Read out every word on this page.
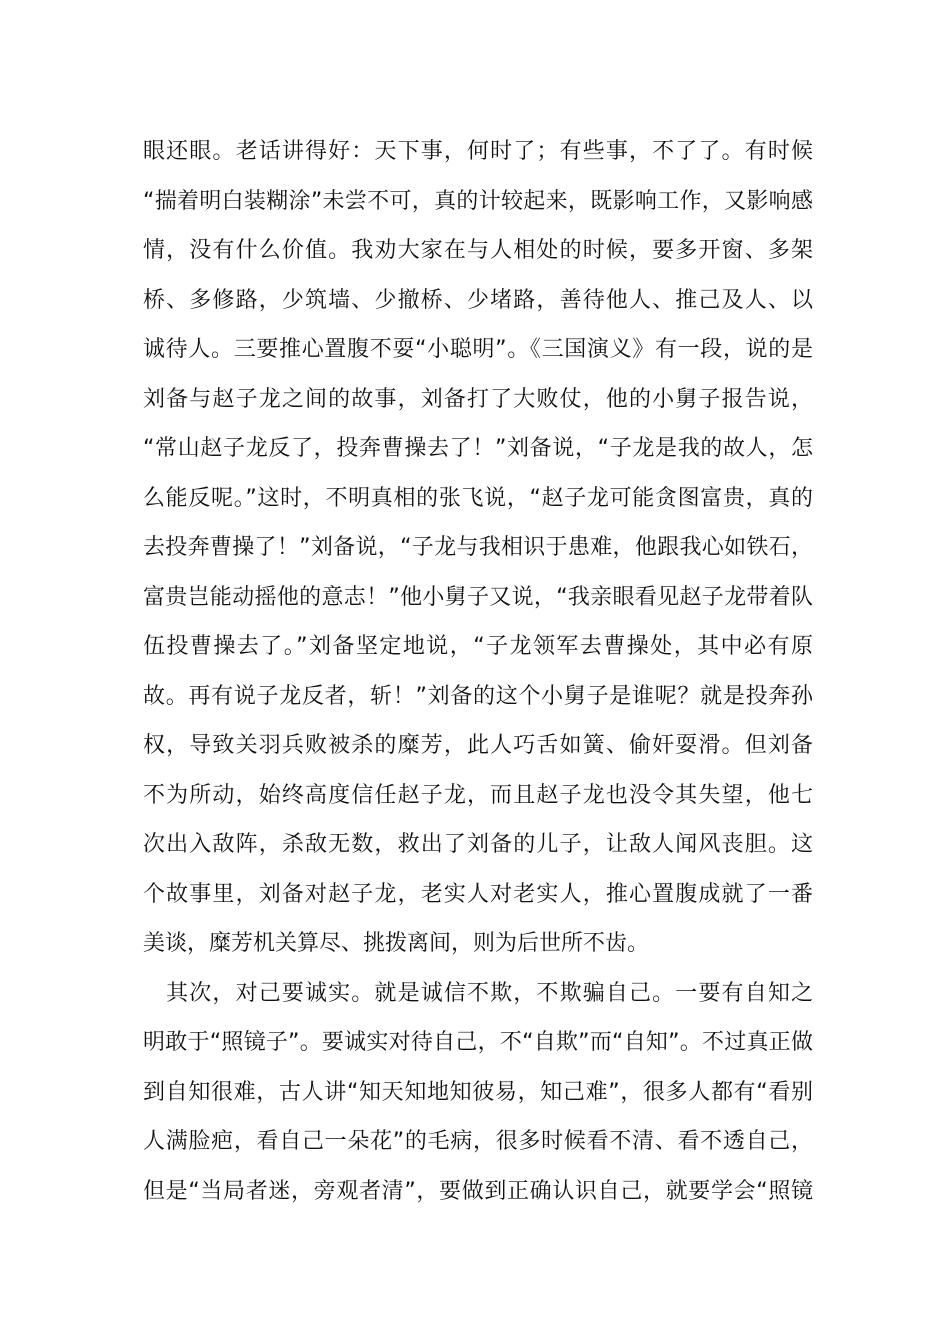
眼还眼。老话讲得好：天下事，何时了；有些事，不了了。有时候
“揣着明白装糊涂”未尝不可，真的计较起来，既影响工作，又影响感
情，没有什么价值。我劝大家在与人相处的时候，要多开窗、多架
桥、多修路，少筑墙、少撤桥、少堵路，善待他人、推己及人、以
诚待人。三要推心置腹不耍“小聪明”。《三国演义》有一段，说的是
刘备与赵子龙之间的故事，刘备打了大败仗，他的小舅子报告说，
“常山赵子龙反了，投奔曹操去了！”刘备说，“子龙是我的故人，怎
么能反呢。”这时，不明真相的张飞说，“赵子龙可能贪图富贵，真的
去投奔曹操了！”刘备说，“子龙与我相识于患难，他跟我心如铁石，
富贵岂能动摇他的意志！”他小舅子又说，“我亲眼看见赵子龙带着队
伍投曹操去了。”刘备坚定地说，“子龙领军去曹操处，其中必有原
故。再有说子龙反者，斩！”刘备的这个小舅子是谁呢？就是投奔孙
权，导致关羽兵败被杀的糜芳，此人巧舌如簧、偷奸耍滑。但刘备
不为所动，始终高度信任赵子龙，而且赵子龙也没令其失望，他七
次出入敌阵，杀敌无数，救出了刘备的儿子，让敌人闻风丧胆。这
个故事里，刘备对赵子龙，老实人对老实人，推心置腹成就了一番
美谈，糜芳机关算尽、挑拨离间，则为后世所不齿。
　其次，对己要诚实。就是诚信不欺，不欺骗自己。一要有自知之
明敢于“照镜子”。要诚实对待自己，不“自欺”而“自知”。不过真正做
到自知很难，古人讲“知天知地知彼易，知己难”，很多人都有“看别
人满脸疤，看自己一朵花”的毛病，很多时候看不清、看不透自己，
但是“当局者迷，旁观者清”，要做到正确认识自己，就要学会“照镜
